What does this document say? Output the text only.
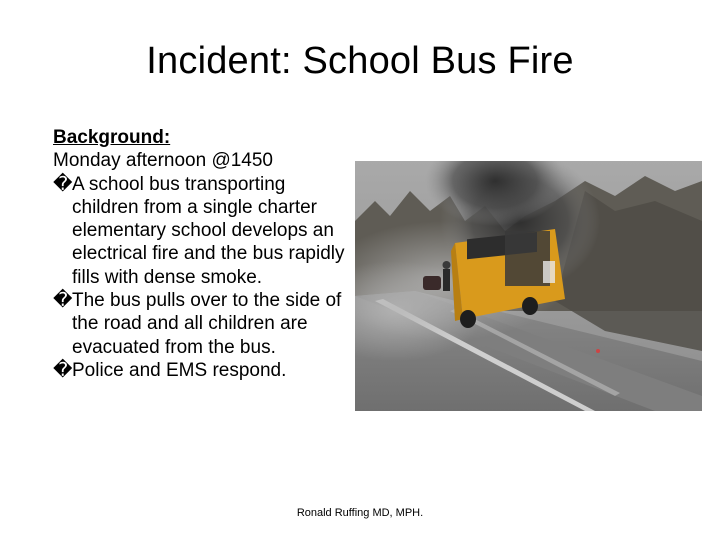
Incident: School Bus Fire
Background:
Monday afternoon @1450
�A school bus transporting children from a single charter elementary school develops an electrical fire and the bus rapidly fills with dense smoke.
�The bus pulls over to the side of the road and all children are evacuated from the bus.
�Police and EMS respond.
Ronald Ruffing MD, MPH.
